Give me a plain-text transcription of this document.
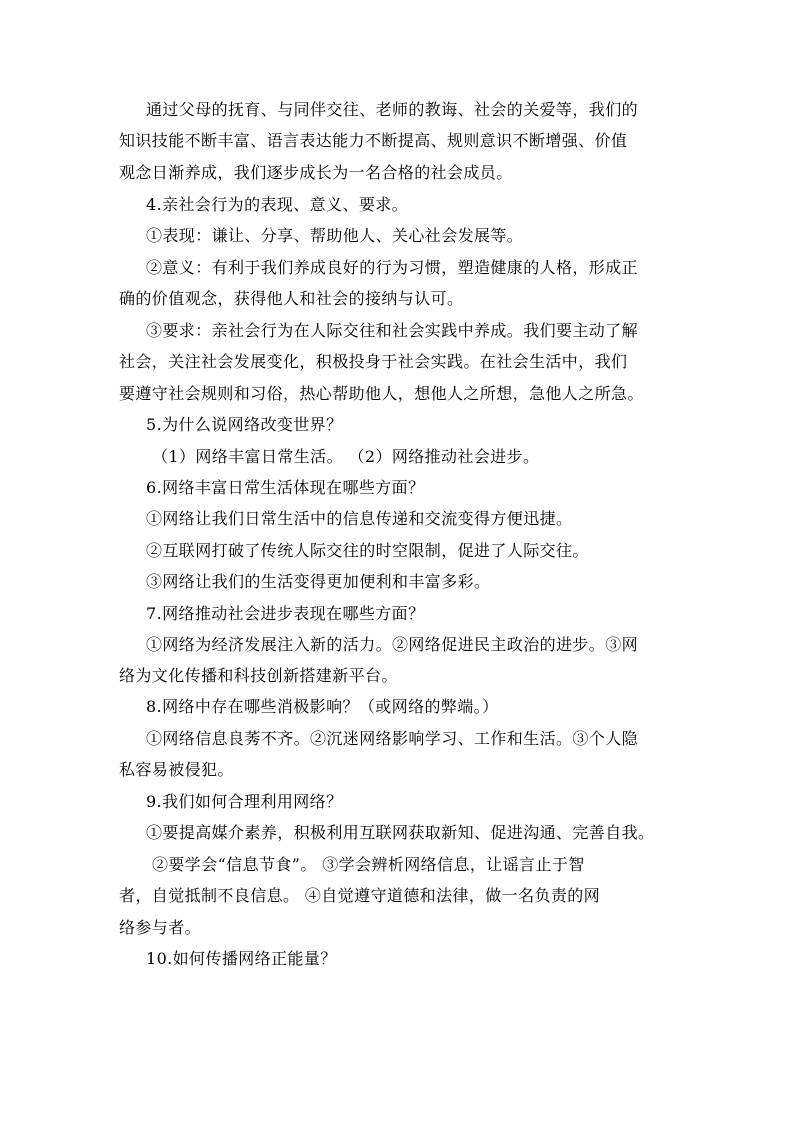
通过父母的抚育、与同伴交往、老师的教诲、社会的关爱等，我们的
知识技能不断丰富、语言表达能力不断提高、规则意识不断增强、价值
观念日渐养成，我们逐步成长为一名合格的社会成员。
4.亲社会行为的表现、意义、要求。
①表现：谦让、分享、帮助他人、关心社会发展等。
②意义：有利于我们养成良好的行为习惯，塑造健康的人格，形成正
确的价值观念，获得他人和社会的接纳与认可。
③要求：亲社会行为在人际交往和社会实践中养成。我们要主动了解
社会，关注社会发展变化，积极投身于社会实践。在社会生活中，我们
要遵守社会规则和习俗，热心帮助他人，想他人之所想，急他人之所急。
5.为什么说网络改变世界？
（1）网络丰富日常生活。 （2）网络推动社会进步。
6.网络丰富日常生活体现在哪些方面？
①网络让我们日常生活中的信息传递和交流变得方便迅捷。
②互联网打破了传统人际交往的时空限制，促进了人际交往。
③网络让我们的生活变得更加便利和丰富多彩。
7.网络推动社会进步表现在哪些方面？
①网络为经济发展注入新的活力。②网络促进民主政治的进步。③网
络为文化传播和科技创新搭建新平台。
8.网络中存在哪些消极影响？（或网络的弊端。）
①网络信息良莠不齐。②沉迷网络影响学习、工作和生活。③个人隐
私容易被侵犯。
9.我们如何合理利用网络？
①要提高媒介素养，积极利用互联网获取新知、促进沟通、完善自我。
②要学会“信息节食”。 ③学会辨析网络信息，让谣言止于智
者，自觉抵制不良信息。 ④自觉遵守道德和法律，做一名负责的网
络参与者。
10.如何传播网络正能量？
